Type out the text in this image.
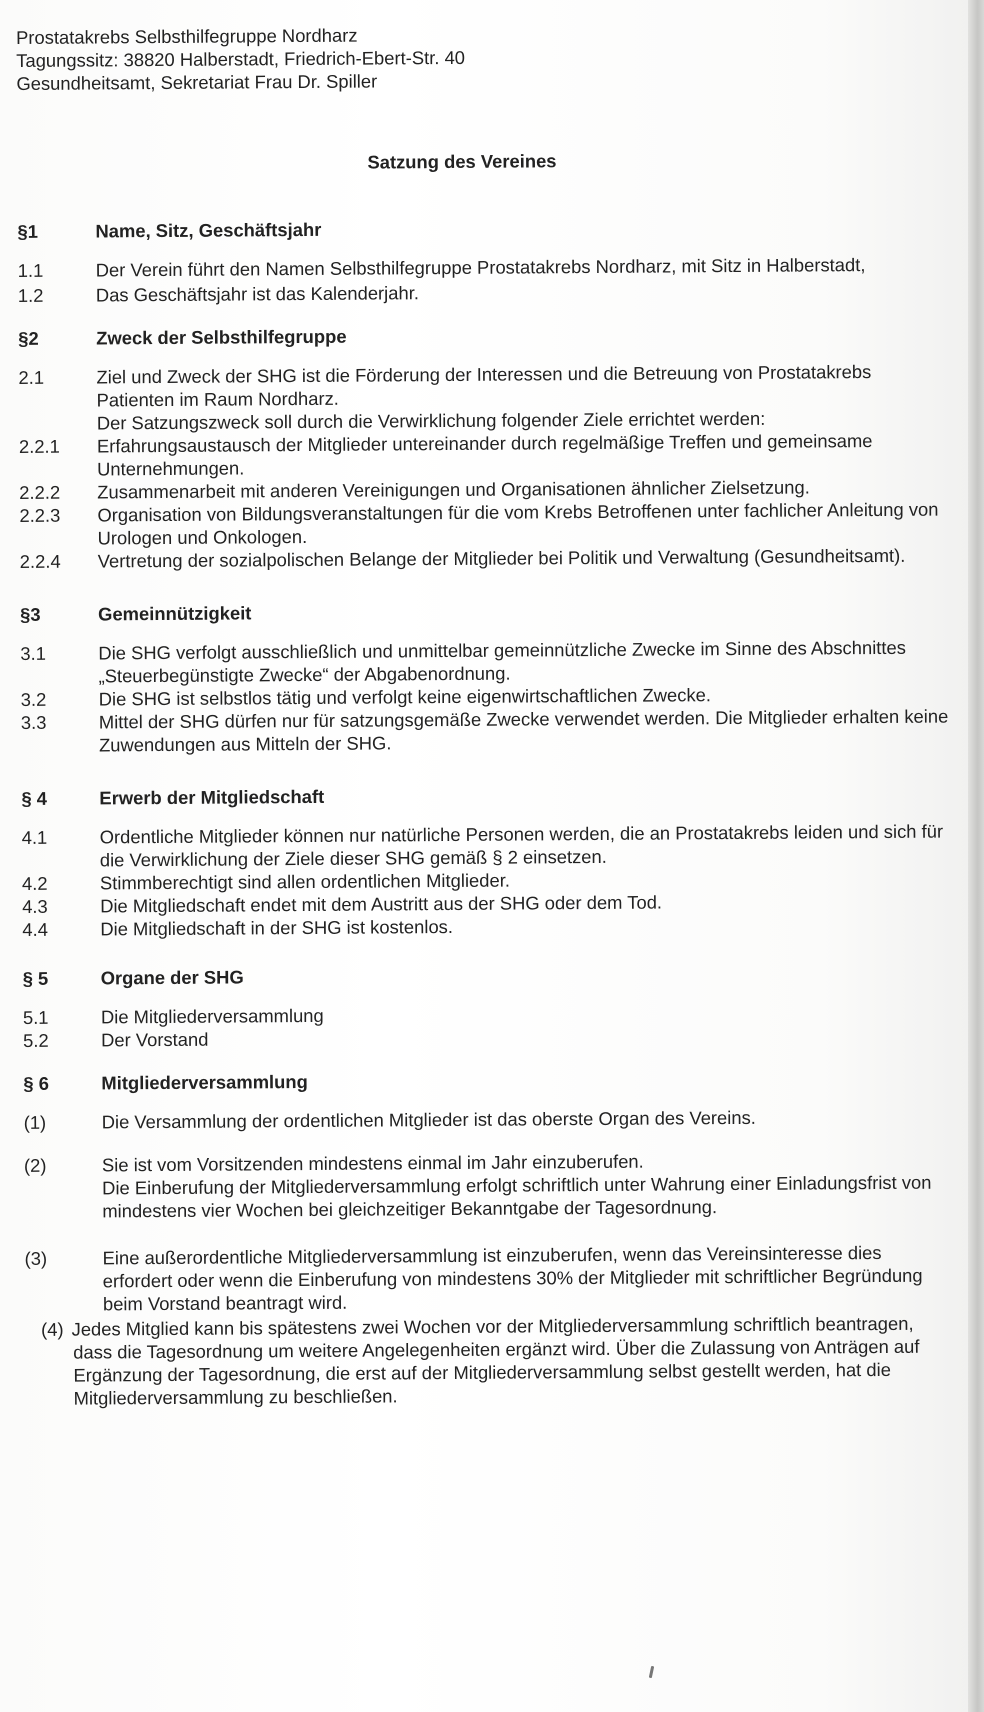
Prostatakrebs Selbsthilfegruppe Nordharz
Tagungssitz: 38820 Halberstadt, Friedrich-Ebert-Str. 40
Gesundheitsamt, Sekretariat Frau Dr. Spiller
Satzung des Vereines
§1	Name, Sitz, Geschäftsjahr
1.1	Der Verein führt den Namen Selbsthilfegruppe Prostatakrebs Nordharz, mit Sitz in Halberstadt,
1.2	Das Geschäftsjahr ist das Kalenderjahr.
§2	Zweck der Selbsthilfegruppe
2.1	Ziel und Zweck der SHG ist die Förderung der Interessen und die Betreuung von Prostatakrebs Patienten im Raum Nordharz.
Der Satzungszweck soll durch die Verwirklichung folgender Ziele errichtet werden:
2.2.1	Erfahrungsaustausch der Mitglieder untereinander durch regelmäßige Treffen und gemeinsame Unternehmungen.
2.2.2	Zusammenarbeit mit anderen Vereinigungen und Organisationen ähnlicher Zielsetzung.
2.2.3	Organisation von Bildungsveranstaltungen für die vom Krebs Betroffenen unter fachlicher Anleitung von Urologen und Onkologen.
2.2.4	Vertretung der sozialpolischen Belange der Mitglieder bei Politik und Verwaltung (Gesundheitsamt).
§3	Gemeinnützigkeit
3.1	Die SHG verfolgt ausschließlich und unmittelbar gemeinnützliche Zwecke im Sinne des Abschnittes „Steuerbegünstigte Zwecke“ der Abgabenordnung.
3.2	Die SHG ist selbstlos tätig und verfolgt keine eigenwirtschaftlichen Zwecke.
3.3	Mittel der SHG dürfen nur für satzungsgemäße Zwecke verwendet werden. Die Mitglieder erhalten keine Zuwendungen aus Mitteln der SHG.
§ 4	Erwerb der Mitgliedschaft
4.1	Ordentliche Mitglieder können nur natürliche Personen werden, die an Prostatakrebs leiden und sich für die Verwirklichung der Ziele dieser SHG gemäß § 2 einsetzen.
4.2	Stimmberechtigt sind allen ordentlichen Mitglieder.
4.3	Die Mitgliedschaft endet mit dem Austritt aus der SHG oder dem Tod.
4.4	Die Mitgliedschaft in der SHG ist kostenlos.
§ 5	Organe der SHG
5.1	Die Mitgliederversammlung
5.2	Der Vorstand
§ 6	Mitgliederversammlung
(1)	Die Versammlung der ordentlichen Mitglieder ist das oberste Organ des Vereins.
(2)	Sie ist vom Vorsitzenden mindestens einmal im Jahr einzuberufen.
Die Einberufung der Mitgliederversammlung erfolgt schriftlich unter Wahrung einer Einladungsfrist von mindestens vier Wochen bei gleichzeitiger Bekanntgabe der Tagesordnung.
(3)	Eine außerordentliche Mitgliederversammlung ist einzuberufen, wenn das Vereinsinteresse dies erfordert oder wenn die Einberufung von mindestens 30% der Mitglieder mit schriftlicher Begründung beim Vorstand beantragt wird.
(4) Jedes Mitglied kann bis spätestens zwei Wochen vor der Mitgliederversammlung schriftlich beantragen, dass die Tagesordnung um weitere Angelegenheiten ergänzt wird. Über die Zulassung von Anträgen auf Ergänzung der Tagesordnung, die erst auf der Mitgliederversammlung selbst gestellt werden, hat die Mitgliederversammlung zu beschließen.
